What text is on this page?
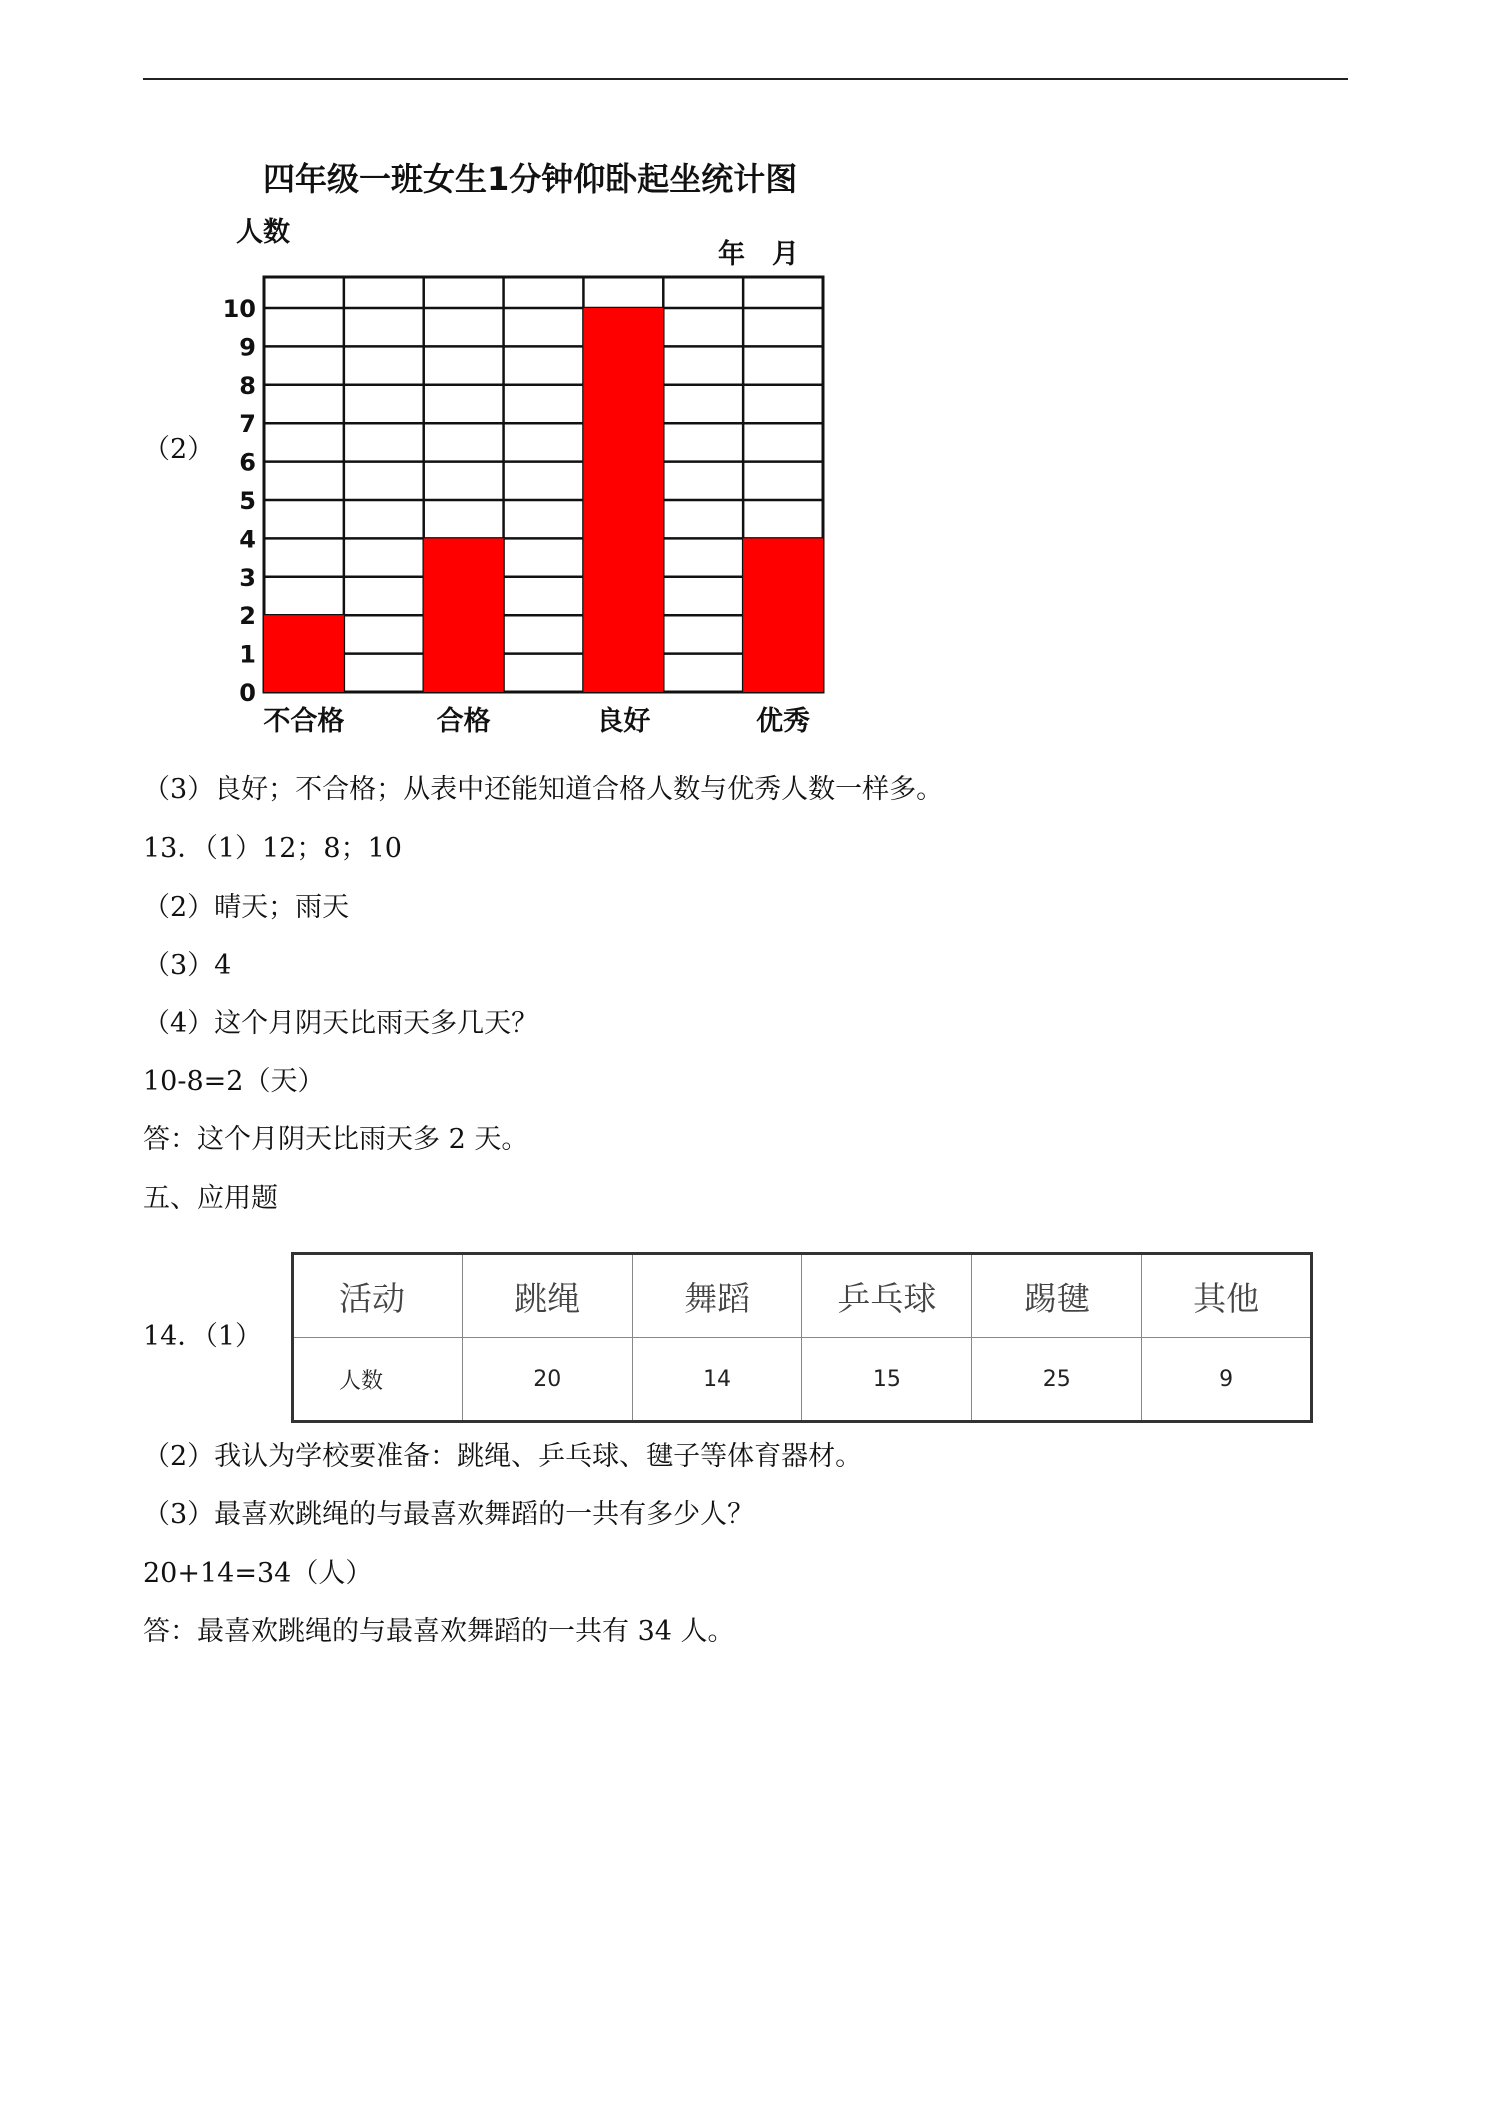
（2）
四年级一班女生1分钟仰卧起坐统计图
人数
年　月
0
1
2
3
4
5
6
7
8
9
10
不合格	合格	良好	优秀
（3）良好；不合格；从表中还能知道合格人数与优秀人数一样多。
13．（1）12；8；10
（2）晴天；雨天
（3）4
（4）这个月阴天比雨天多几天？
10-8=2（天）
答：这个月阴天比雨天多 2 天。
五、应用题
14．（1）
活动	跳绳	舞蹈	乒乓球	踢毽	其他
人数	20	14	15	25	9
（2）我认为学校要准备：跳绳、乒乓球、毽子等体育器材。
（3）最喜欢跳绳的与最喜欢舞蹈的一共有多少人？
20+14=34（人）
答：最喜欢跳绳的与最喜欢舞蹈的一共有 34 人。
